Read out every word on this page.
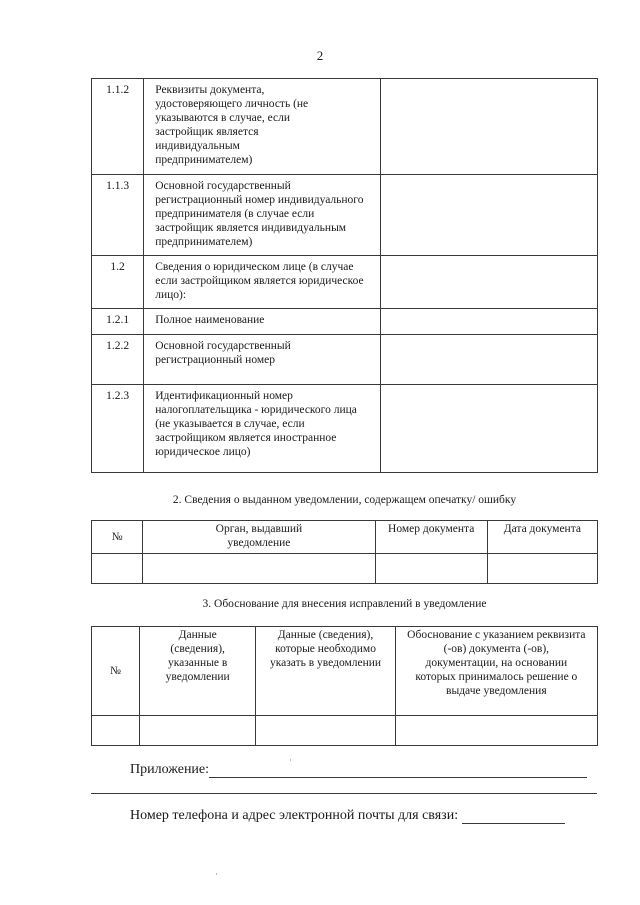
2
1.1.2	Реквизиты документа, удостоверяющего личность (не указываются в случае, если застройщик является индивидуальным предпринимателем)	

1.1.3	Основной государственный регистрационный номер индивидуального предпринимателя (в случае если застройщик является индивидуальным предпринимателем)	

1.2	Сведения о юридическом лице (в случае если застройщиком является юридическое лицо):	

1.2.1	Полное наименование	
1.2.2	Основной государственный регистрационный номер	

1.2.3	Идентификационный номер налогоплательщика - юридического лица (не указывается в случае, если застройщиком является иностранное юридическое лицо)	

2. Сведения о выданном уведомлении, содержащем опечатку/ ошибку
№	Орган, выдавший уведомление	Номер документа	Дата документа

3. Обоснование для внесения исправлений в уведомление
№	Данные (сведения), указанные в уведомлении	Данные (сведения), которые необходимо указать в уведомлении	Обоснование с указанием реквизита (-ов) документа (-ов), документации, на основании которых принималось решение о выдаче уведомления

Приложение:
Номер телефона и адрес электронной почты для связи:
